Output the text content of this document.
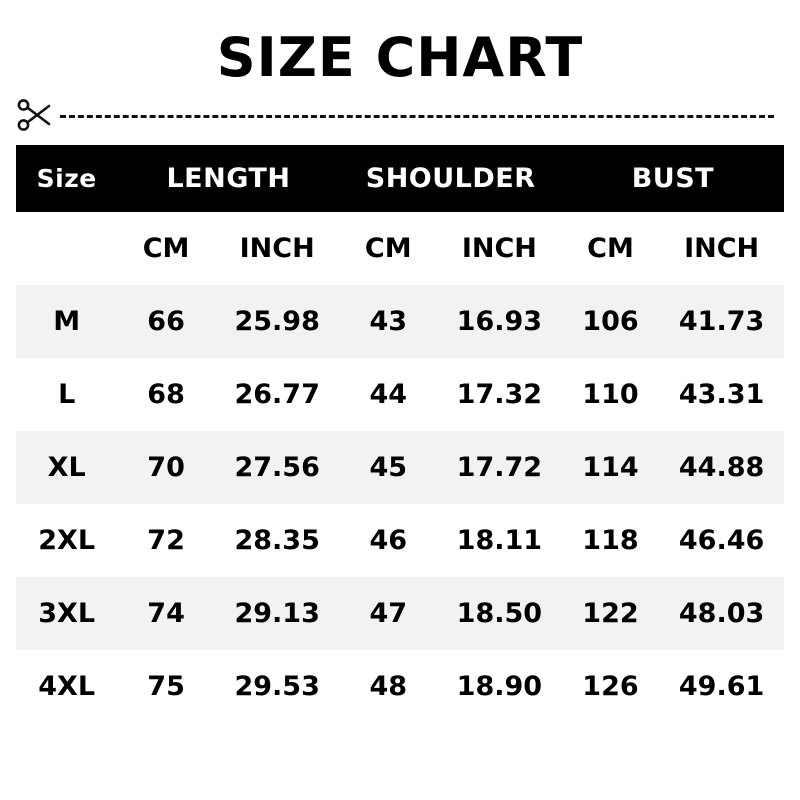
SIZE CHART
Size	LENGTH		SHOULDER		BUST	
	CM	INCH	CM	INCH	CM	INCH
M	66	25.98	43	16.93	106	41.73
L	68	26.77	44	17.32	110	43.31
XL	70	27.56	45	17.72	114	44.88
2XL	72	28.35	46	18.11	118	46.46
3XL	74	29.13	47	18.50	122	48.03
4XL	75	29.53	48	18.90	126	49.61
